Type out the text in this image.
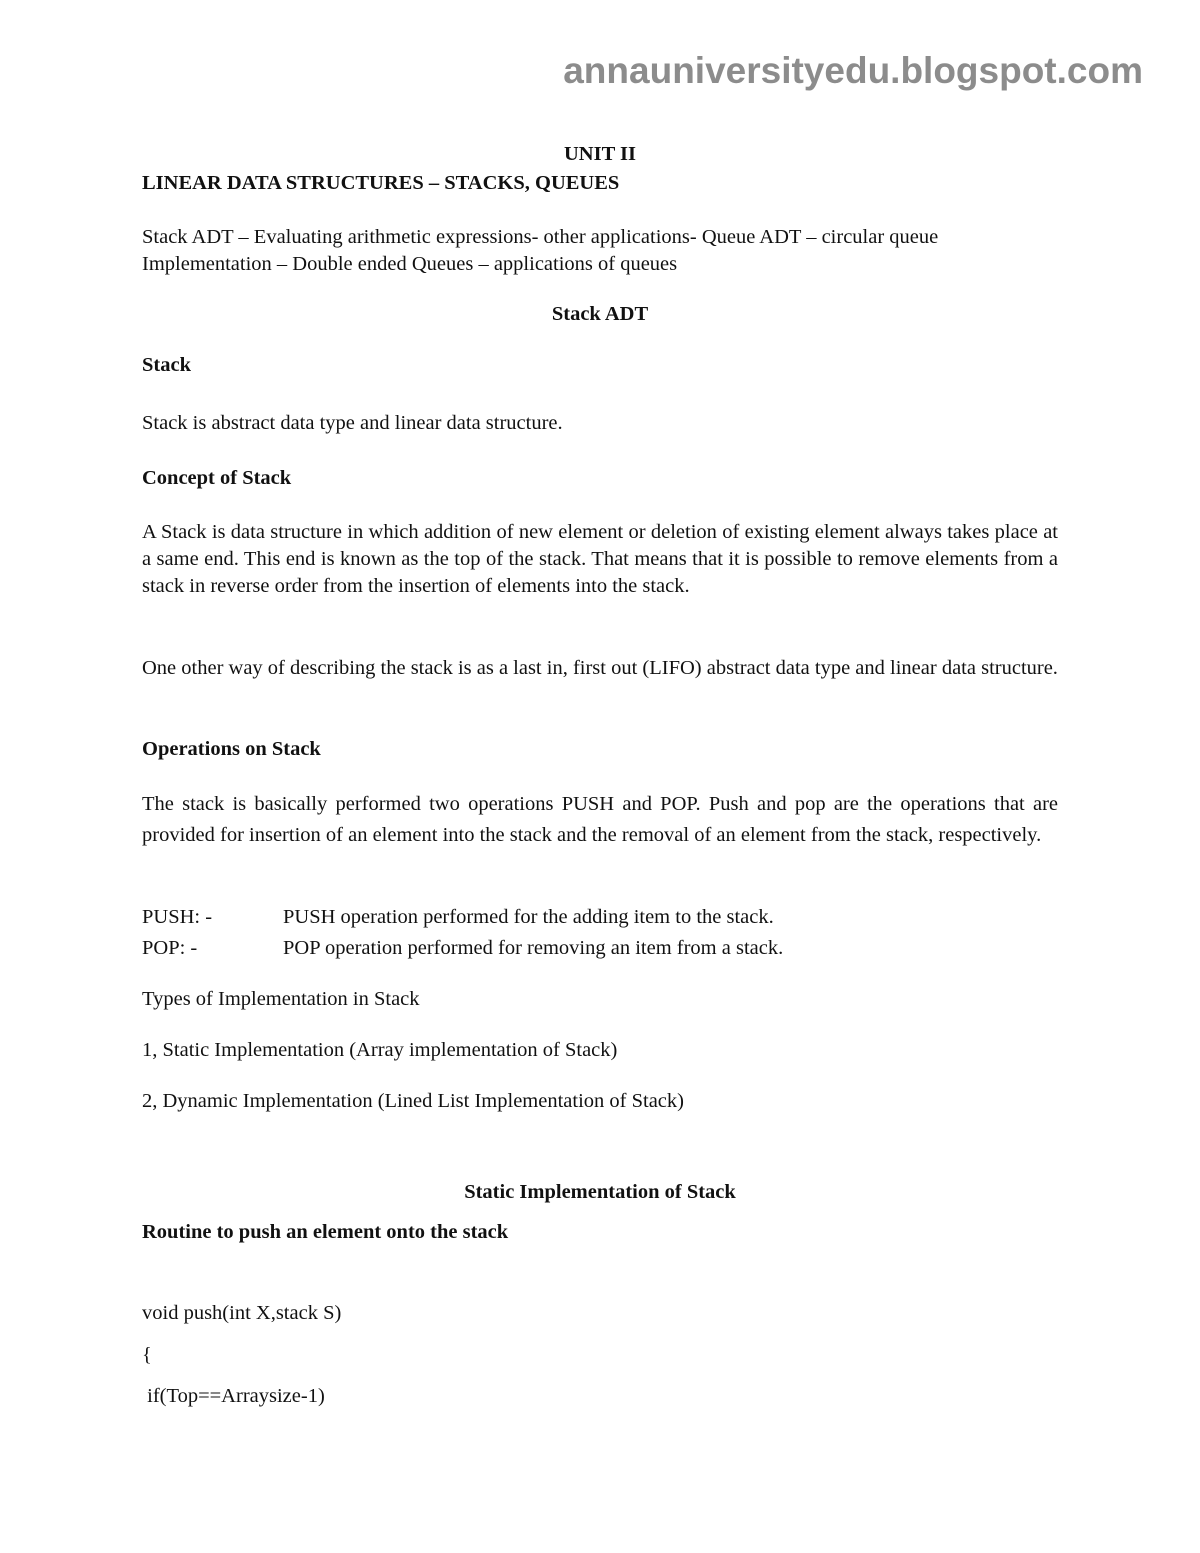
annauniversityedu.blogspot.com
UNIT II
LINEAR DATA STRUCTURES – STACKS, QUEUES

Stack ADT – Evaluating arithmetic expressions- other applications- Queue ADT – circular queue Implementation – Double ended Queues – applications of queues

Stack ADT
Stack

Stack is abstract data type and linear data structure.

Concept of Stack

A Stack is data structure in which addition of new element or deletion of existing element always takes place at a same end. This end is known as the top of the stack. That means that it is possible to remove elements from a stack in reverse order from the insertion of elements into the stack.

One other way of describing the stack is as a last in, first out (LIFO) abstract data type and linear data structure.

Operations on Stack

The stack is basically performed two operations PUSH and POP. Push and pop are the operations that are provided for insertion of an element into the stack and the removal of an element from the stack, respectively.

PUSH: -	PUSH operation performed for the adding item to the stack.
POP: -	POP operation performed for removing an item from a stack.
Types of Implementation in Stack
1, Static Implementation (Array implementation of Stack)
2, Dynamic Implementation (Lined List Implementation of Stack)
Static Implementation of Stack
Routine to push an element onto the stack
void push(int X,stack S)
{
if(Top==Arraysize-1)
